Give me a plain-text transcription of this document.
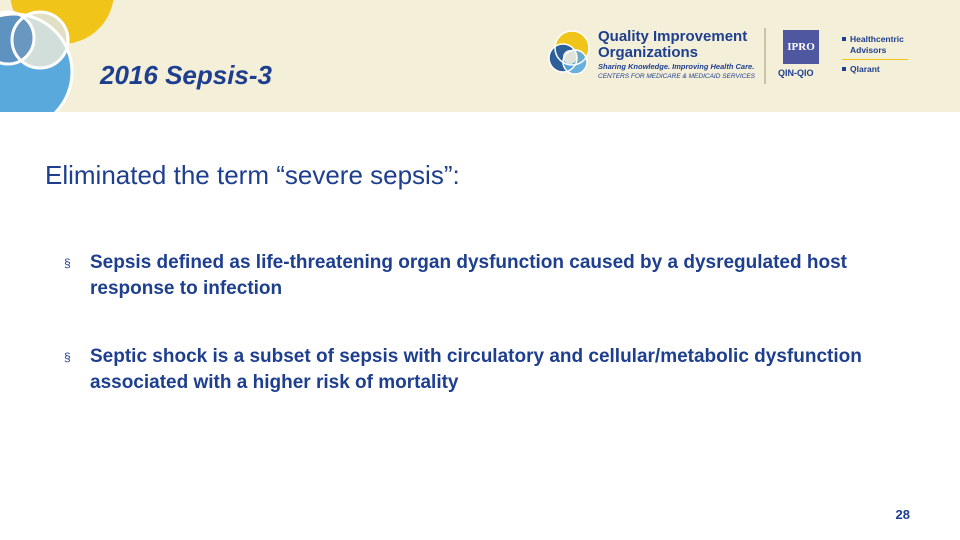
2016 Sepsis-3
Quality Improvement
Organizations
Sharing Knowledge. Improving Health Care.
CENTERS FOR MEDICARE & MEDICAID SERVICES
IPRO
QIN-QIO
Healthcentric
Advisors
Qlarant
Eliminated the term “severe sepsis”:
§ Sepsis defined as life-threatening organ dysfunction caused by a dysregulated host response to infection
§ Septic shock is a subset of sepsis with circulatory and cellular/metabolic dysfunction associated with a higher risk of mortality
28
